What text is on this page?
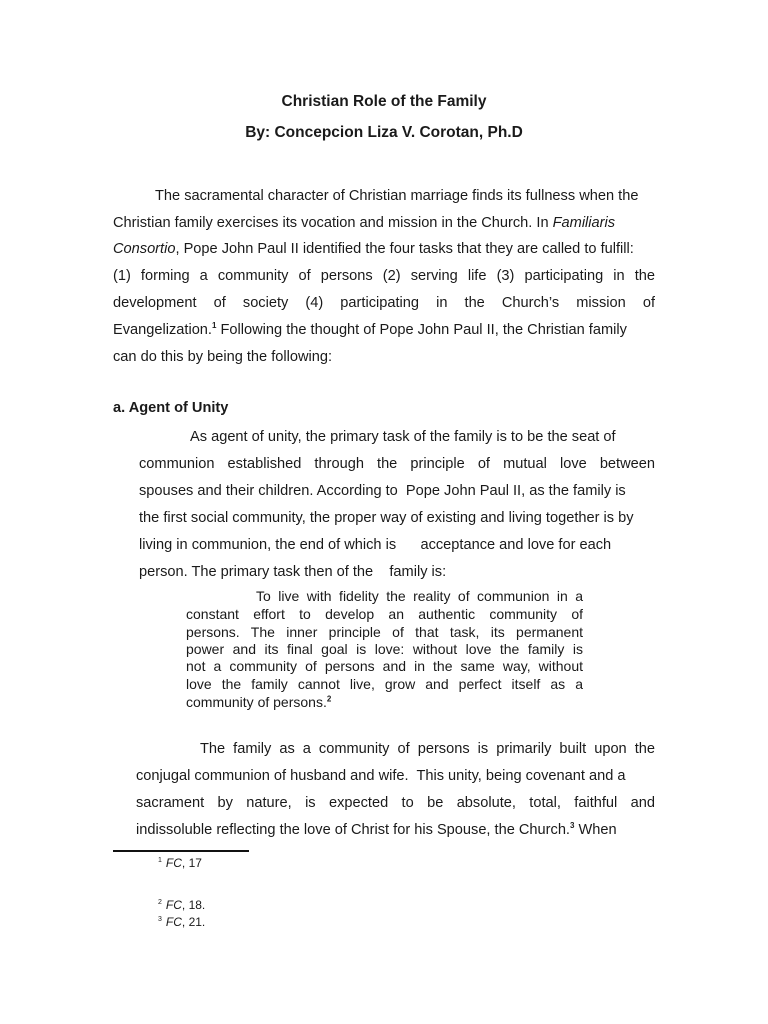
Christian Role of the Family
By: Concepcion Liza V. Corotan, Ph.D

The sacramental character of Christian marriage finds its fullness when the

Christian family exercises its vocation and mission in the Church. In Familiaris

Consortio, Pope John Paul II identified the four tasks that they are called to fulfill:

(1) forming a community of persons (2) serving life (3) participating in the

development of society (4) participating in the Church’s mission of

Evangelization.$^1$ Following the thought of Pope John Paul II, the Christian family

can do this by being the following:

a. Agent of Unity

As agent of unity, the primary task of the family is to be the seat of

communion established through the principle of mutual love between

spouses and their children. According to  Pope John Paul II, as the family is

the first social community, the proper way of existing and living together is by

living in communion, the end of which is      acceptance and love for each

person. The primary task then of the    family is:

To live with fidelity the reality of communion in a

constant effort to develop an authentic community of

persons. The inner principle of that task, its permanent

power and its final goal is love: without love the family is

not a community of persons and in the same way, without

love the family cannot live, grow and perfect itself as a

community of persons.$^2$

The family as a community of persons is primarily built upon the

conjugal communion of husband and wife.  This unity, being covenant and a

sacrament by nature, is expected to be absolute, total, faithful and

indissoluble reflecting the love of Christ for his Spouse, the Church.$^3$ When

$^1$ FC, 17

$^2$ FC, 18.

$^3$ FC, 21.
